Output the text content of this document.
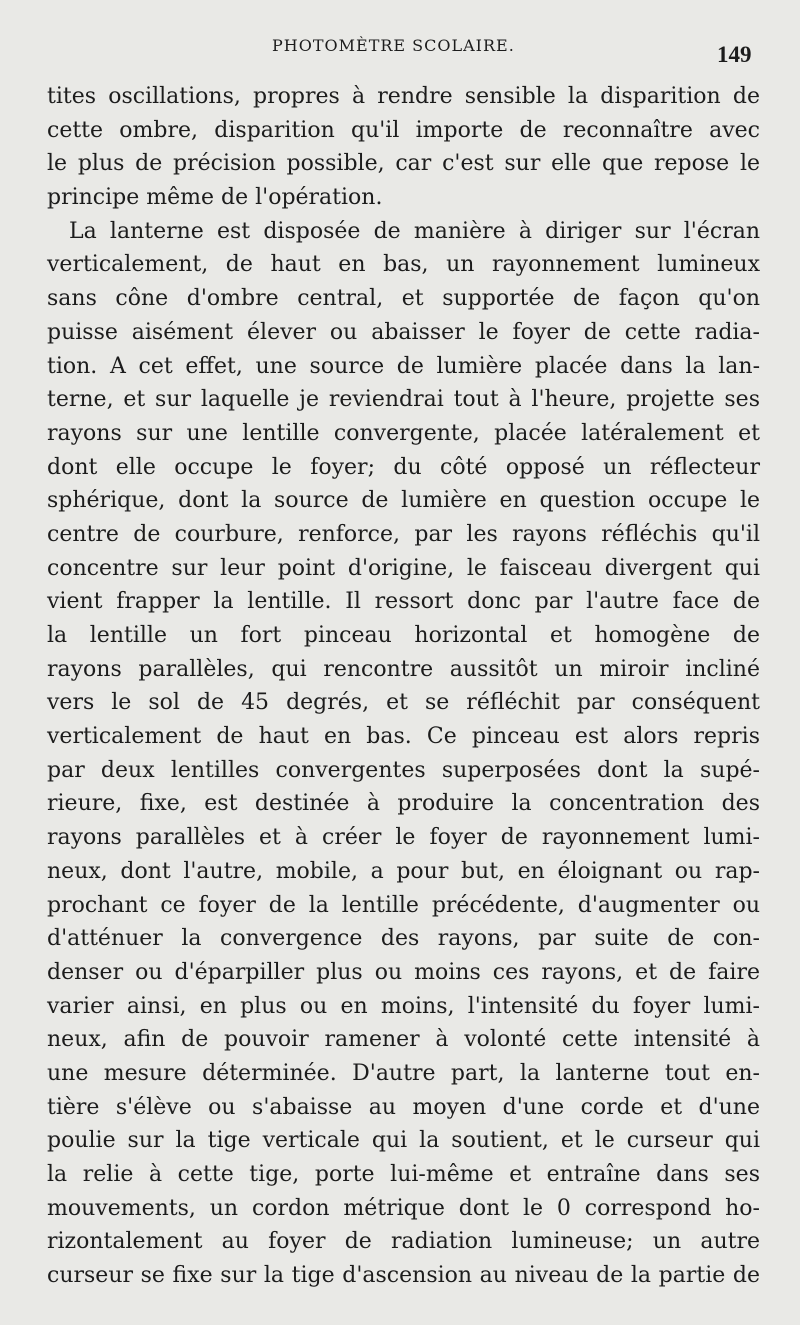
PHOTOMÈTRE SCOLAIRE.	149
tites oscillations, propres à rendre sensible la disparition de
cette ombre, disparition qu'il importe de reconnaître avec
le plus de précision possible, car c'est sur elle que repose le
principe même de l'opération.
La lanterne est disposée de manière à diriger sur l'écran
verticalement, de haut en bas, un rayonnement lumineux
sans cône d'ombre central, et supportée de façon qu'on
puisse aisément élever ou abaisser le foyer de cette radia-
tion. A cet effet, une source de lumière placée dans la lan-
terne, et sur laquelle je reviendrai tout à l'heure, projette ses
rayons sur une lentille convergente, placée latéralement et
dont elle occupe le foyer; du côté opposé un réflecteur
sphérique, dont la source de lumière en question occupe le
centre de courbure, renforce, par les rayons réfléchis qu'il
concentre sur leur point d'origine, le faisceau divergent qui
vient frapper la lentille. Il ressort donc par l'autre face de
la lentille un fort pinceau horizontal et homogène de
rayons parallèles, qui rencontre aussitôt un miroir incliné
vers le sol de 45 degrés, et se réfléchit par conséquent
verticalement de haut en bas. Ce pinceau est alors repris
par deux lentilles convergentes superposées dont la supé-
rieure, fixe, est destinée à produire la concentration des
rayons parallèles et à créer le foyer de rayonnement lumi-
neux, dont l'autre, mobile, a pour but, en éloignant ou rap-
prochant ce foyer de la lentille précédente, d'augmenter ou
d'atténuer la convergence des rayons, par suite de con-
denser ou d'éparpiller plus ou moins ces rayons, et de faire
varier ainsi, en plus ou en moins, l'intensité du foyer lumi-
neux, afin de pouvoir ramener à volonté cette intensité à
une mesure déterminée. D'autre part, la lanterne tout en-
tière s'élève ou s'abaisse au moyen d'une corde et d'une
poulie sur la tige verticale qui la soutient, et le curseur qui
la relie à cette tige, porte lui-même et entraîne dans ses
mouvements, un cordon métrique dont le 0 correspond ho-
rizontalement au foyer de radiation lumineuse; un autre
curseur se fixe sur la tige d'ascension au niveau de la partie de
